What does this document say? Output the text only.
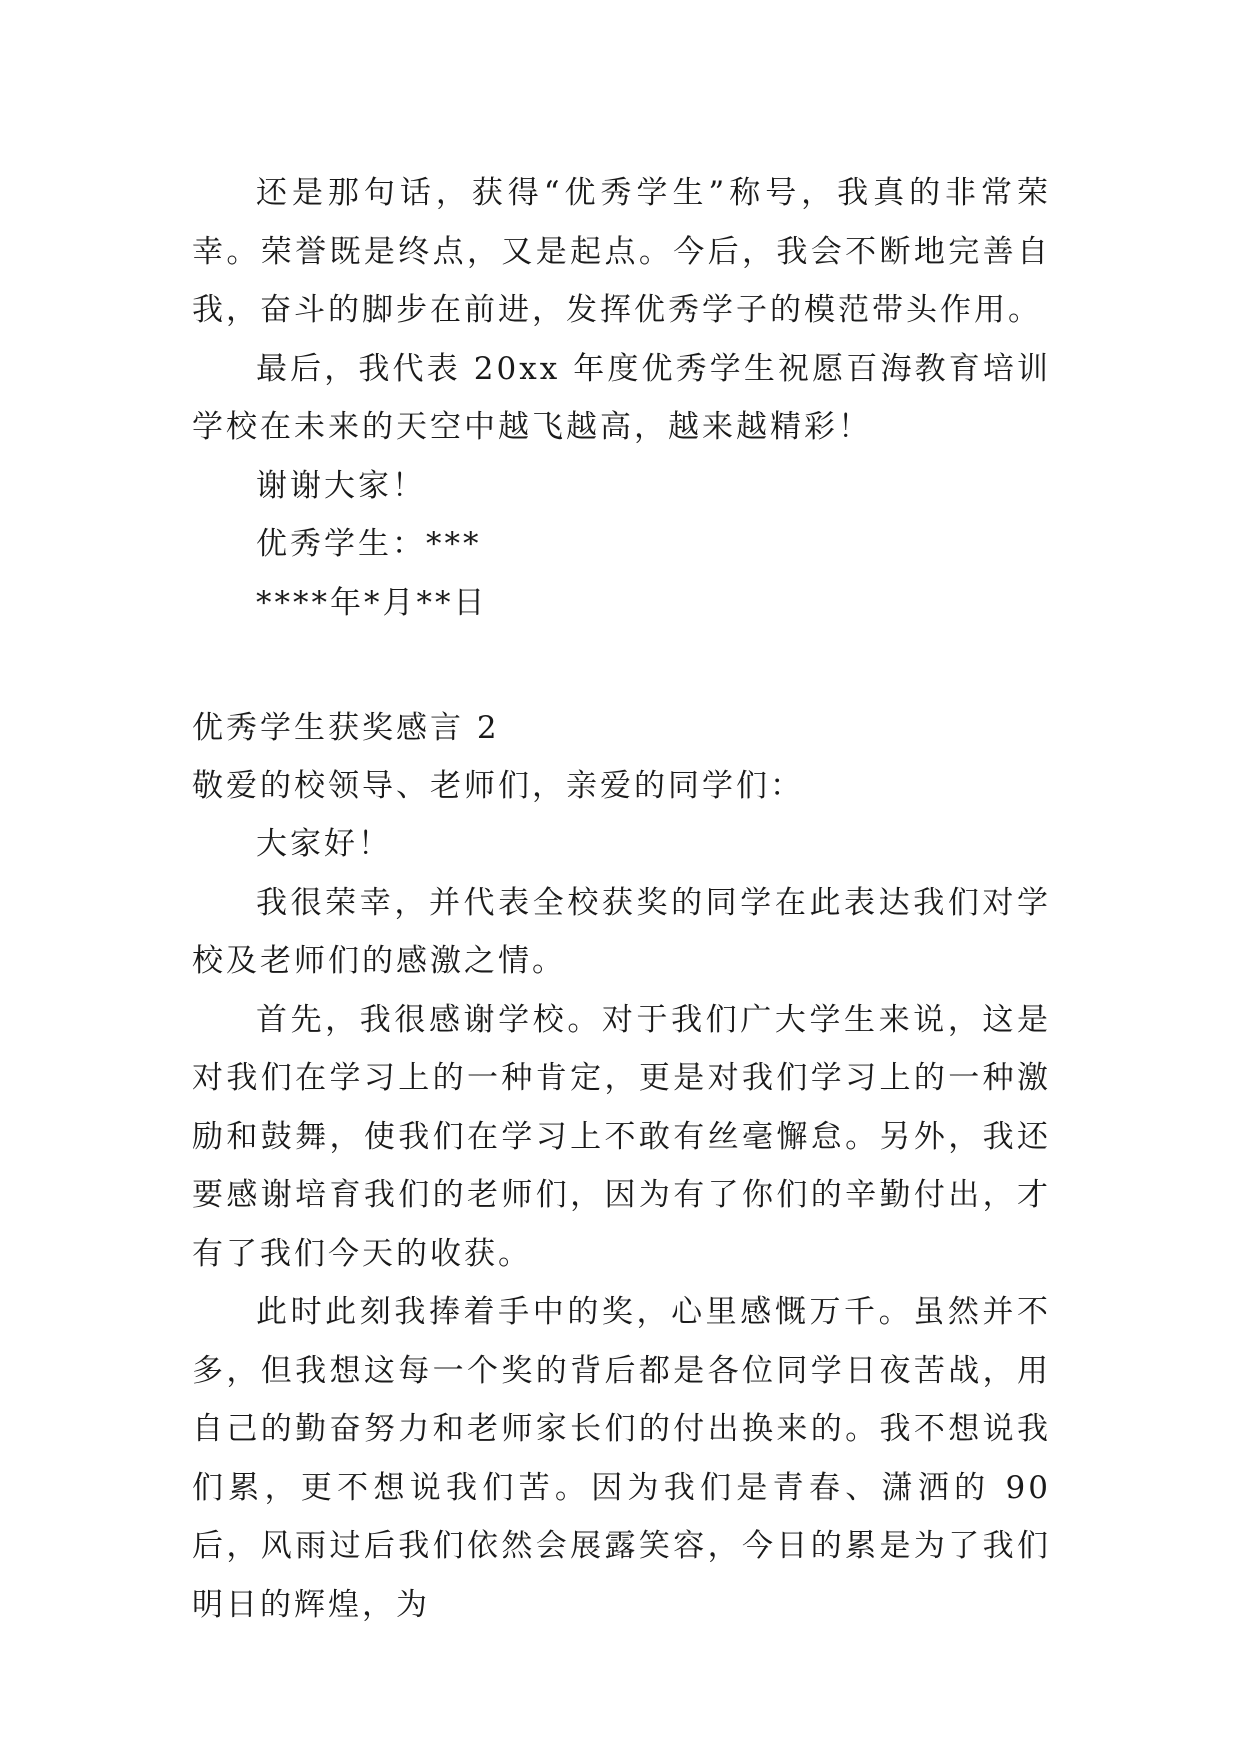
还是那句话，获得“优秀学生”称号，我真的非常荣幸。荣誉既是终点，又是起点。今后，我会不断地完善自我，奋斗的脚步在前进，发挥优秀学子的模范带头作用。

最后，我代表 20xx 年度优秀学生祝愿百海教育培训学校在未来的天空中越飞越高，越来越精彩！

谢谢大家！

优秀学生：***

****年*月**日

优秀学生获奖感言 2

敬爱的校领导、老师们，亲爱的同学们：

大家好！

我很荣幸，并代表全校获奖的同学在此表达我们对学校及老师们的感激之情。

首先，我很感谢学校。对于我们广大学生来说，这是对我们在学习上的一种肯定，更是对我们学习上的一种激励和鼓舞，使我们在学习上不敢有丝毫懈怠。另外，我还要感谢培育我们的老师们，因为有了你们的辛勤付出，才有了我们今天的收获。

此时此刻我捧着手中的奖，心里感慨万千。虽然并不多，但我想这每一个奖的背后都是各位同学日夜苦战，用自己的勤奋努力和老师家长们的付出换来的。我不想说我们累，更不想说我们苦。因为我们是青春、潇洒的 90 后，风雨过后我们依然会展露笑容，今日的累是为了我们明日的辉煌，为
